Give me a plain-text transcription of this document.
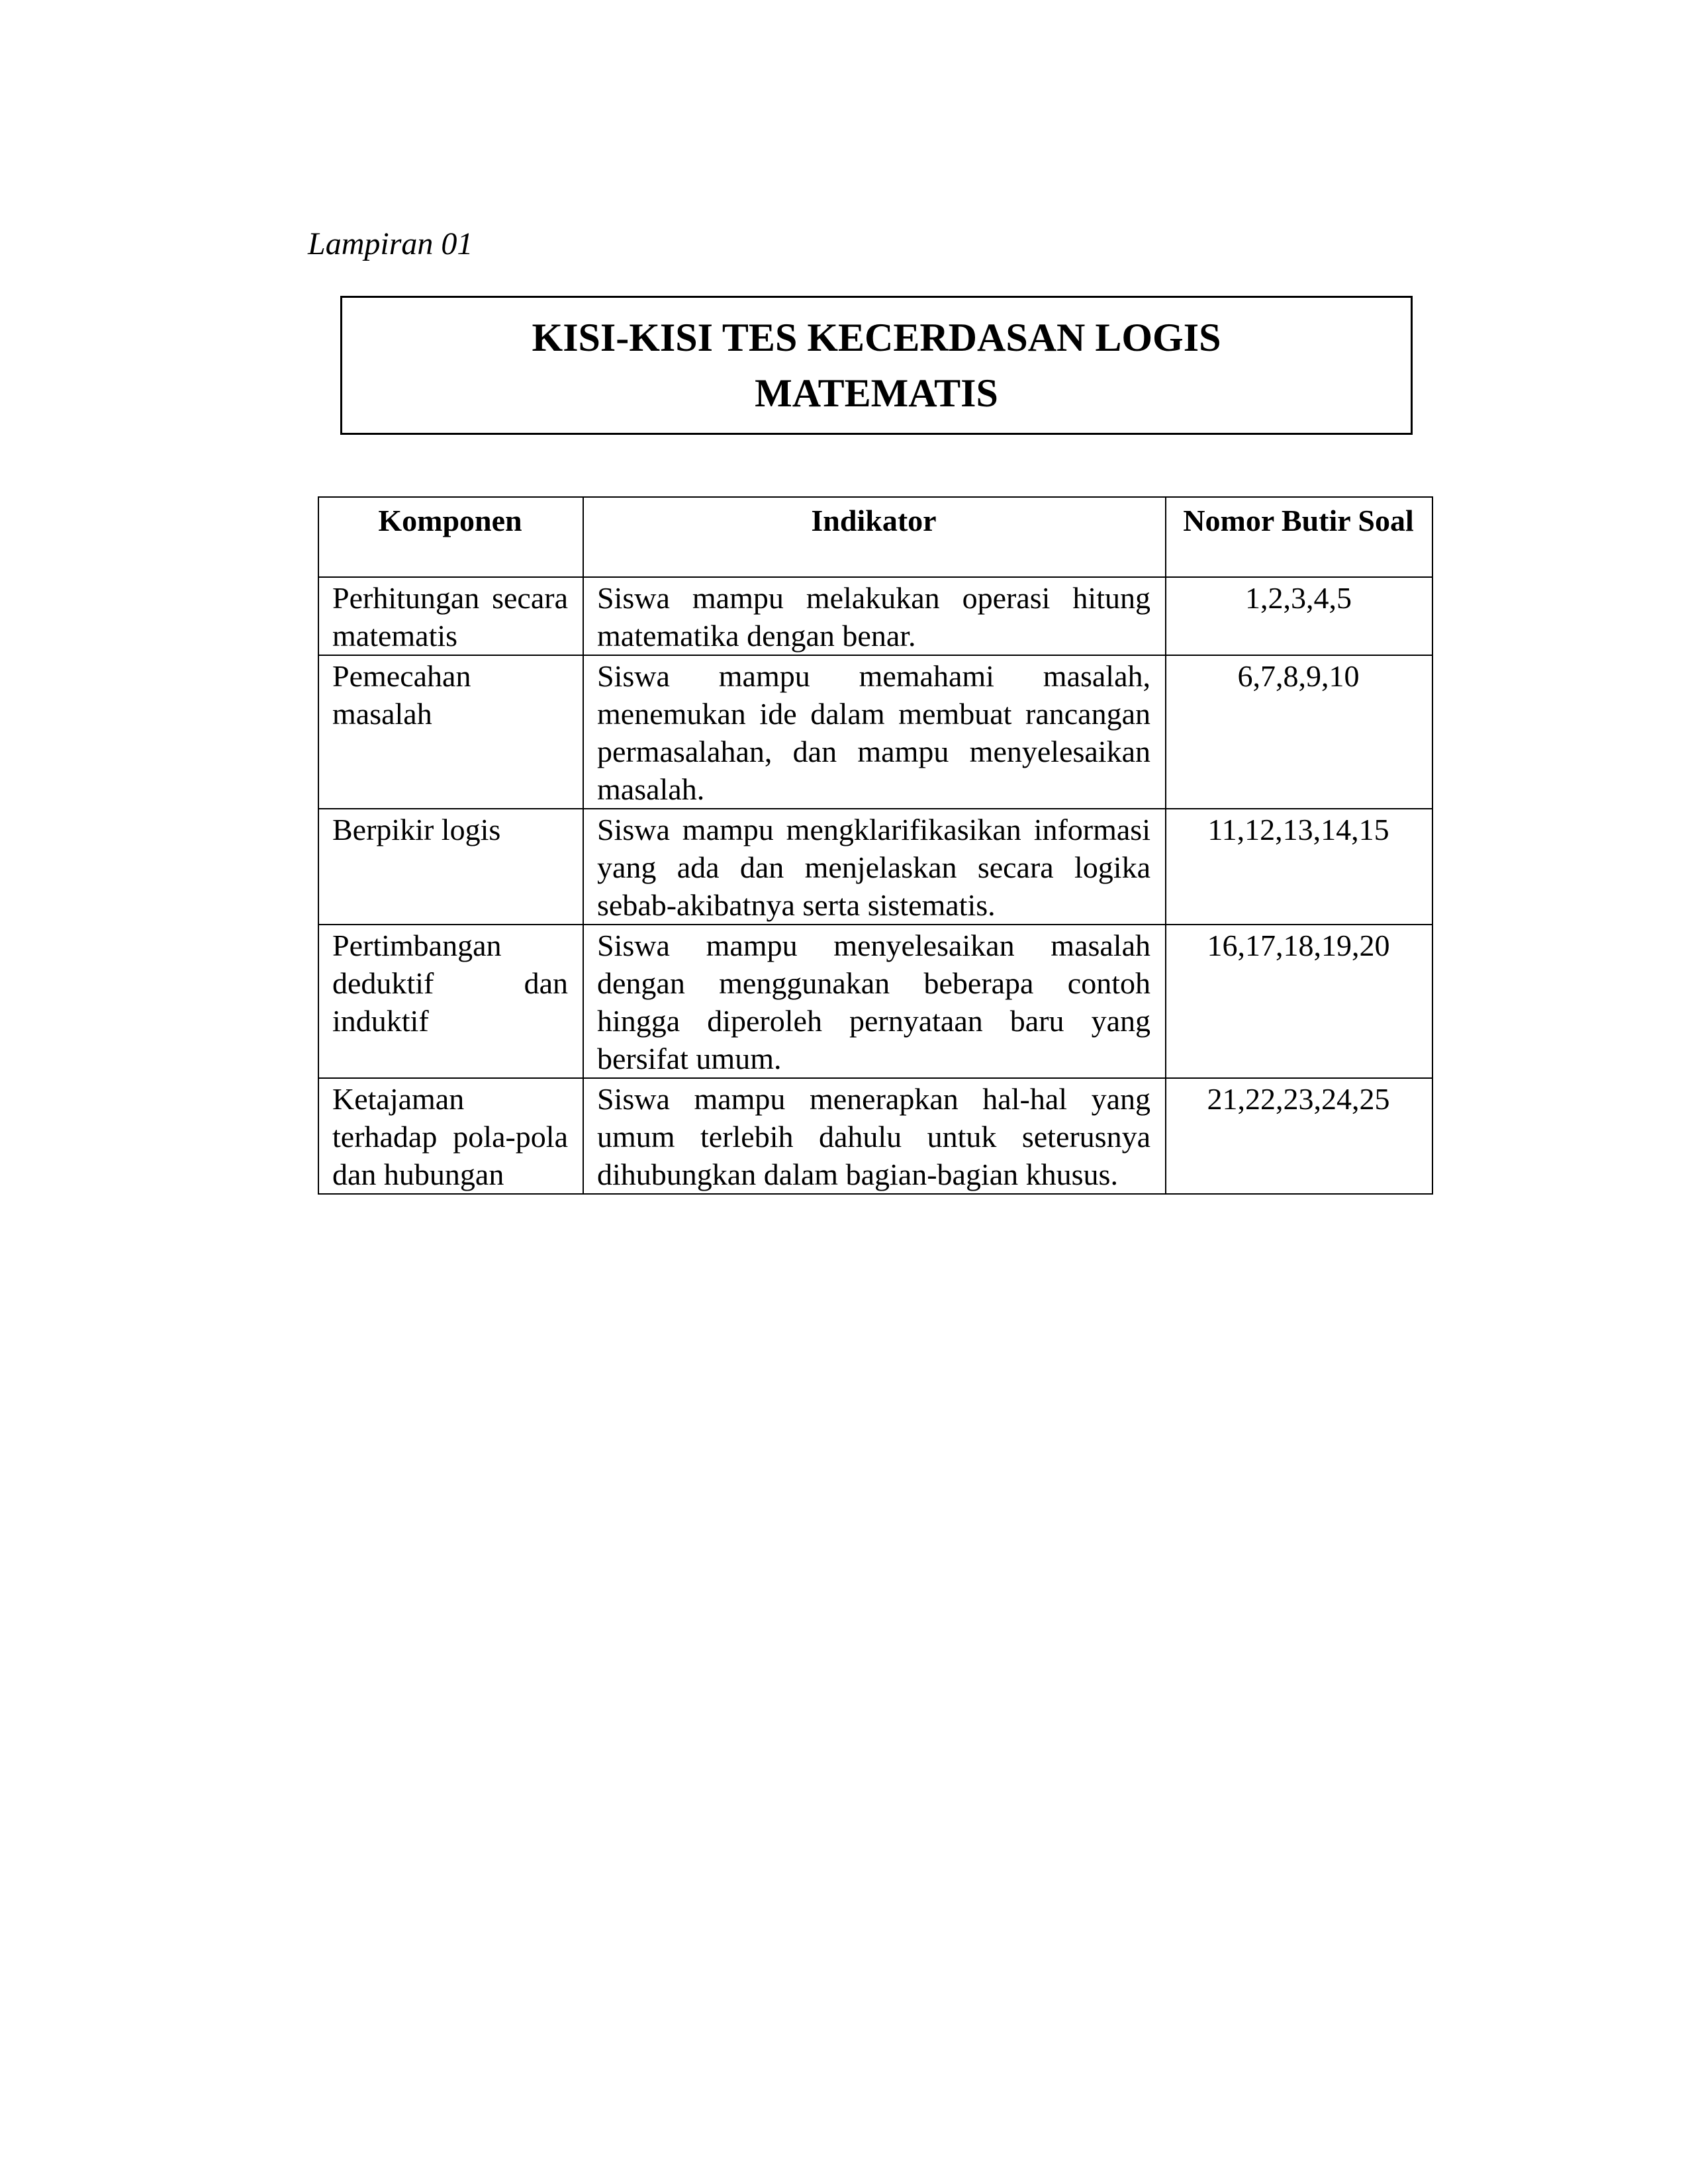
Lampiran 01
KISI-KISI TES KECERDASAN LOGIS
MATEMATIS
Komponen	Indikator	Nomor Butir Soal
Perhitungan secara matematis	Siswa mampu melakukan operasi hitung matematika dengan benar.	1,2,3,4,5
Pemecahan masalah	Siswa mampu memahami masalah, menemukan ide dalam membuat rancangan permasalahan, dan mampu menyelesaikan masalah.	6,7,8,9,10
Berpikir logis	Siswa mampu mengklarifikasikan informasi yang ada dan menjelaskan secara logika sebab-akibatnya serta sistematis.	11,12,13,14,15
Pertimbangan deduktif dan induktif	Siswa mampu menyelesaikan masalah dengan menggunakan beberapa contoh hingga diperoleh pernyataan baru yang bersifat umum.	16,17,18,19,20
Ketajaman terhadap pola-pola dan hubungan	Siswa mampu menerapkan hal-hal yang umum terlebih dahulu untuk seterusnya dihubungkan dalam bagian-bagian khusus.	21,22,23,24,25
